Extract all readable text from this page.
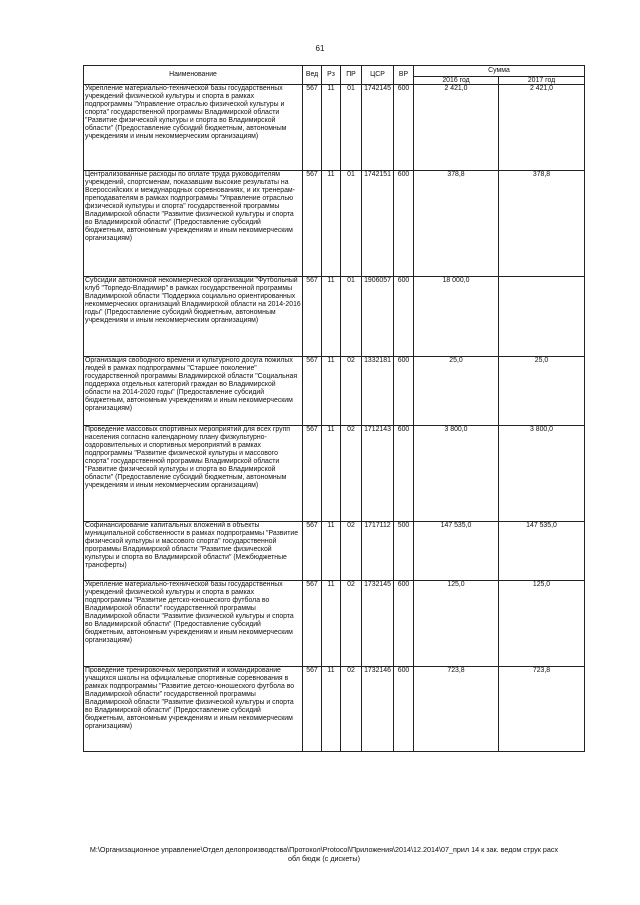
61
Наименование	Вед	Рз	ПР	ЦСР	ВР	Сумма	
						2016 год	2017 год
Укрепление материально-технической базы государственных учреждений физической культуры и спорта в рамках подпрограммы "Управление отраслью физической культуры и спорта" государственной программы Владимирской области "Развитие физической культуры и спорта во Владимирской области" (Предоставление субсидий бюджетным, автономным учреждениям и иным некоммерческим организациям)	567	11	01	1742145	600	2 421,0	2 421,0
Централизованные расходы по оплате труда руководителям учреждений, спортсменам, показавшим высокие результаты на Всероссийских и международных соревнованиях, и их тренерам-преподавателям в рамках подпрограммы "Управление отраслью физической культуры и спорта" государственной программы Владимирской области "Развитие физической культуры и спорта во Владимирской области" (Предоставление субсидий бюджетным, автономным учреждениям и иным некоммерческим организациям)	567	11	01	1742151	600	378,8	378,8
Субсидии автономной некоммерческой организации "Футбольный клуб "Торпедо-Владимир" в рамках государственной программы Владимирской области "Поддержка социально ориентированных некоммерческих организаций Владимирской области на 2014-2016 годы" (Предоставление субсидий бюджетным, автономным учреждениям и иным некоммерческим организациям)	567	11	01	1906057	600	18 000,0	
Организация свободного времени и культурного досуга пожилых людей в рамках подпрограммы "Старшее поколение" государственной программы Владимирской области "Социальная поддержка отдельных категорий граждан во Владимирской области на 2014-2020 годы" (Предоставление субсидий бюджетным, автономным учреждениям и иным некоммерческим организациям)	567	11	02	1332181	600	25,0	25,0
Проведение массовых спортивных мероприятий для всех групп населения согласно календарному плану физкультурно-оздоровительных и спортивных мероприятий в рамках подпрограммы "Развитие физической культуры и массового спорта" государственной программы Владимирской области "Развитие физической культуры и спорта во Владимирской области" (Предоставление субсидий бюджетным, автономным учреждениям и иным некоммерческим организациям)	567	11	02	1712143	600	3 800,0	3 800,0
Софинансирование капитальных вложений в объекты муниципальной собственности в рамках подпрограммы "Развитие физической культуры и массового спорта" государственной программы Владимирской области "Развитие физической культуры и спорта во Владимирской области" (Межбюджетные трансферты)	567	11	02	1717112	500	147 535,0	147 535,0
Укрепление материально-технической базы государственных учреждений физической культуры и спорта в рамках подпрограммы "Развитие детско-юношеского футбола во Владимирской области" государственной программы Владимирской области "Развитие физической культуры и спорта во Владимирской области" (Предоставление субсидий бюджетным, автономным учреждениям и иным некоммерческим организациям)	567	11	02	1732145	600	125,0	125,0
Проведение тренировочных мероприятий и командирование учащихся школы на официальные спортивные соревнования в рамках подпрограммы "Развитие детско-юношеского футбола во Владимирской области" государственной программы Владимирской области "Развитие физической культуры и спорта во Владимирской области" (Предоставление субсидий бюджетным, автономным учреждениям и иным некоммерческим организациям)	567	11	02	1732146	600	723,8	723,8
M:\Организационное управление\Отдел делопроизводства\Протокол\Protocol\Приложения\2014\12.2014\07_прил 14 к зак. ведом струк расх
обл бюдж (с дискеты)
